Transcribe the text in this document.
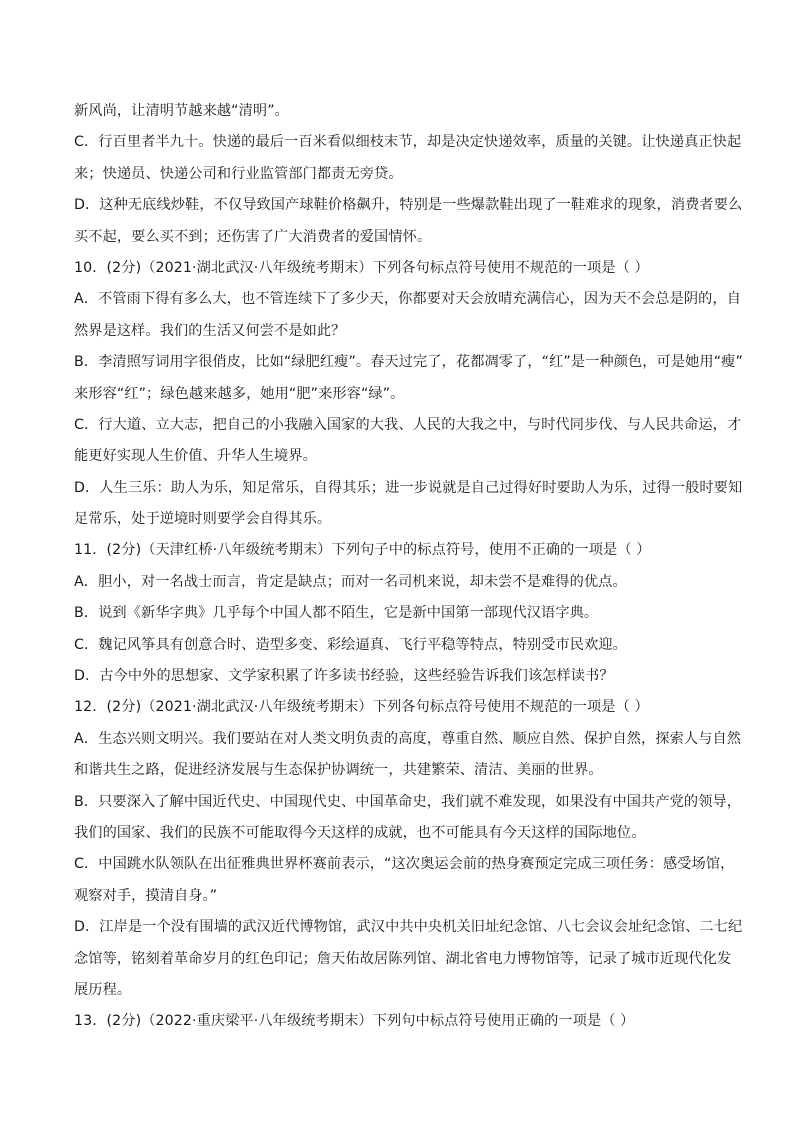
新风尚，让清明节越来越“清明”。
C．行百里者半九十。快递的最后一百米看似细枝末节，却是决定快递效率，质量的关键。让快递真正快起
来；快递员、快递公司和行业监管部门都责无旁贷。
D．这种无底线炒鞋，不仅导致国产球鞋价格飙升，特别是一些爆款鞋出现了一鞋难求的现象，消费者要么
买不起，要么买不到；还伤害了广大消费者的爱国情怀。
10．(2分)（2021·湖北武汉·八年级统考期末）下列各句标点符号使用不规范的一项是（ ）
A．不管雨下得有多么大，也不管连续下了多少天，你都要对天会放晴充满信心，因为天不会总是阴的，自
然界是这样。我们的生活又何尝不是如此？
B．李清照写词用字很俏皮，比如“绿肥红瘦”。春天过完了，花都凋零了，“红”是一种颜色，可是她用“瘦”
来形容“红”；绿色越来越多，她用“肥”来形容“绿”。
C．行大道、立大志，把自己的小我融入国家的大我、人民的大我之中，与时代同步伐、与人民共命运，才
能更好实现人生价值、升华人生境界。
D．人生三乐：助人为乐，知足常乐，自得其乐；进一步说就是自己过得好时要助人为乐，过得一般时要知
足常乐，处于逆境时则要学会自得其乐。
11．(2分)（天津红桥·八年级统考期末）下列句子中的标点符号，使用不正确的一项是（ ）
A．胆小，对一名战士而言，肯定是缺点；而对一名司机来说，却未尝不是难得的优点。
B．说到《新华字典》几乎每个中国人都不陌生，它是新中国第一部现代汉语字典。
C．魏记风筝具有创意合时、造型多变、彩绘逼真、飞行平稳等特点，特别受市民欢迎。
D．古今中外的思想家、文学家积累了许多读书经验，这些经验告诉我们该怎样读书？
12．(2分)（2021·湖北武汉·八年级统考期末）下列各句标点符号使用不规范的一项是（ ）
A．生态兴则文明兴。我们要站在对人类文明负责的高度，尊重自然、顺应自然、保护自然，探索人与自然
和谐共生之路，促进经济发展与生态保护协调统一，共建繁荣、清洁、美丽的世界。
B．只要深入了解中国近代史、中国现代史、中国革命史，我们就不难发现，如果没有中国共产党的领导，
我们的国家、我们的民族不可能取得今天这样的成就，也不可能具有今天这样的国际地位。
C．中国跳水队领队在出征雅典世界杯赛前表示，“这次奥运会前的热身赛预定完成三项任务：感受场馆，
观察对手，摸清自身。”
D．江岸是一个没有围墙的武汉近代博物馆，武汉中共中央机关旧址纪念馆、八七会议会址纪念馆、二七纪
念馆等，铭刻着革命岁月的红色印记；詹天佑故居陈列馆、湖北省电力博物馆等，记录了城市近现代化发
展历程。
13．(2分)（2022·重庆梁平·八年级统考期末）下列句中标点符号使用正确的一项是（ ）
